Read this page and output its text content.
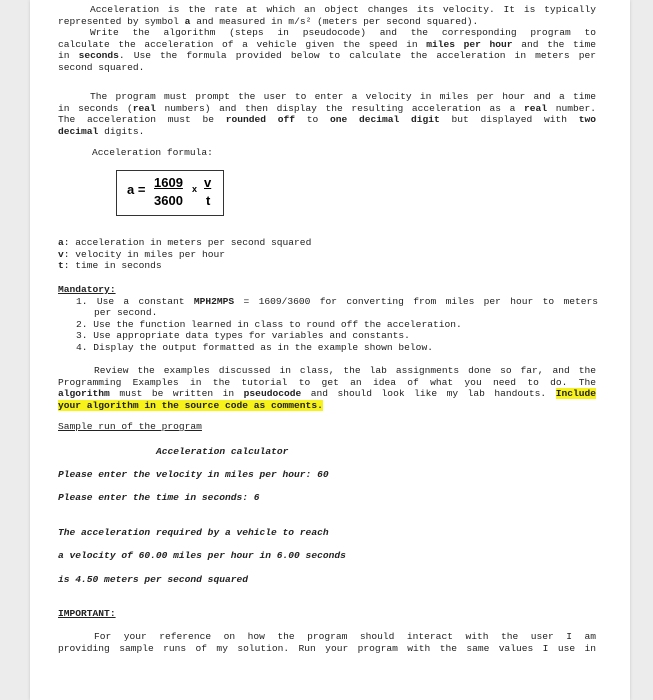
Acceleration is the rate at which an object changes its velocity. It is typically
represented by symbol a and measured in m/s² (meters per second squared).
Write the algorithm (steps in pseudocode) and the corresponding program to
calculate the acceleration of a vehicle given the speed in miles per hour and the time
in seconds. Use the formula provided below to calculate the acceleration in meters per
second squared.
The program must prompt the user to enter a velocity in miles per hour and a time
in seconds (real numbers) and then display the resulting acceleration as a real number.
The acceleration must be rounded off to one decimal digit but displayed with two
decimal digits.
Acceleration formula:
a = 1609
3600
x v
t
a: acceleration in meters per second squared
v: velocity in miles per hour
t: time in seconds
Mandatory:
1. Use a constant MPH2MPS = 1609/3600 for converting from miles per hour to meters
per second.
2. Use the function learned in class to round off the acceleration.
3. Use appropriate data types for variables and constants.
4. Display the output formatted as in the example shown below.
Review the examples discussed in class, the lab assignments done so far, and the
Programming Examples in the tutorial to get an idea of what you need to do. The
algorithm must be written in pseudocode and should look like my lab handouts. Include
your algorithm in the source code as comments.
Sample run of the program
Acceleration calculator
Please enter the velocity in miles per hour: 60
Please enter the time in seconds: 6
The acceleration required by a vehicle to reach
a velocity of 60.00 miles per hour in 6.00 seconds
is 4.50 meters per second squared
IMPORTANT:
For your reference on how the program should interact with the user I am
providing sample runs of my solution. Run your program with the same values I use in
